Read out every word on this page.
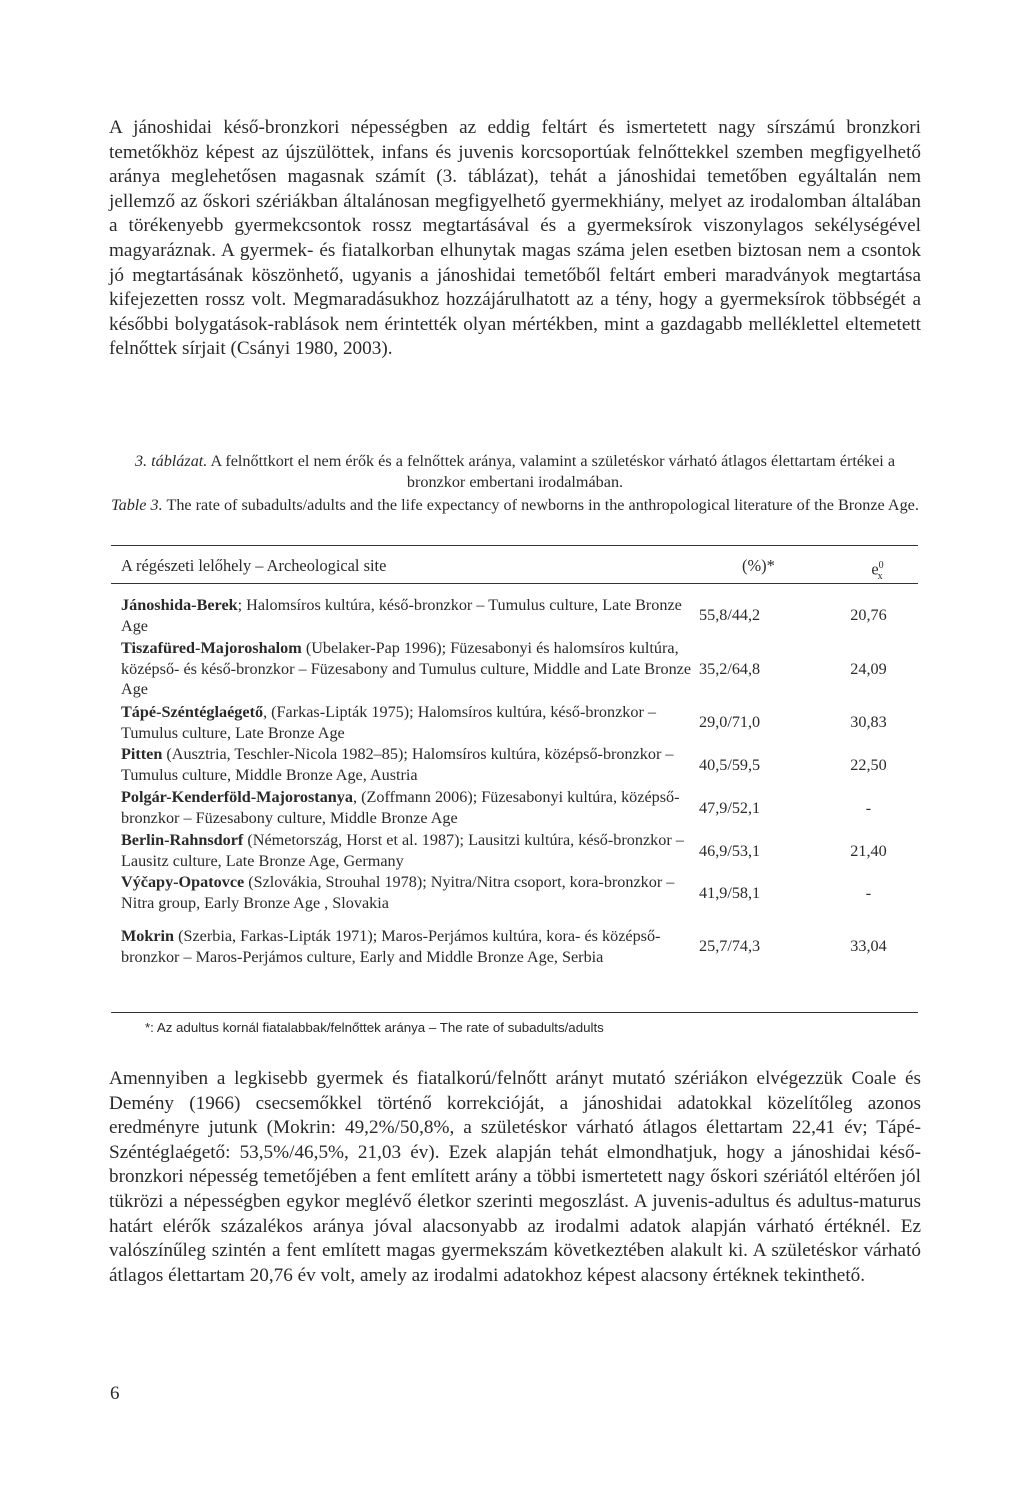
A jánoshidai késő-bronzkori népességben az eddig feltárt és ismertetett nagy sírszámú bronzkori temetőkhöz képest az újszülöttek, infans és juvenis korcsoportúak felnőttekkel szemben megfigyelhető aránya meglehetősen magasnak számít (3. táblázat), tehát a jánoshidai temetőben egyáltalán nem jellemző az őskori szériákban általánosan megfigyelhető gyermekhiány, melyet az irodalomban általában a törékenyebb gyermekcsontok rossz megtartásával és a gyermeksírok viszonylagos sekélységével magyaráznak. A gyermek- és fiatalkorban elhunytak magas száma jelen esetben biztosan nem a csontok jó megtartásának köszönhető, ugyanis a jánoshidai temetőből feltárt emberi maradványok megtartása kifejezetten rossz volt. Megmaradásukhoz hozzájárulhatott az a tény, hogy a gyermeksírok többségét a későbbi bolygatások-rablások nem érintették olyan mértékben, mint a gazdagabb melléklettel eltemetett felnőttek sírjait (Csányi 1980, 2003).

3. táblázat. A felnőttkort el nem érők és a felnőttek aránya, valamint a születéskor várható átlagos élettartam értékei a bronzkor embertani irodalmában.

Table 3. The rate of subadults/adults and the life expectancy of newborns in the anthropological literature of the Bronze Age.

A régészeti lelőhely – Archeological site	(%)*	$e^0_x$
Jánoshida-Berek; Halomsíros kultúra, késő-bronzkor – Tumulus culture, Late Bronze Age	55,8/44,2	20,76
Tiszafüred-Majoroshalom (Ubelaker-Pap 1996); Füzesabonyi és halomsíros kultúra, középső- és késő-bronzkor – Füzesabony and Tumulus culture, Middle and Late Bronze Age	35,2/64,8	24,09
Tápé-Széntéglaégető, (Farkas-Lipták 1975); Halomsíros kultúra, késő-bronzkor – Tumulus culture, Late Bronze Age	29,0/71,0	30,83
Pitten (Ausztria, Teschler-Nicola 1982–85); Halomsíros kultúra, középső-bronzkor – Tumulus culture, Middle Bronze Age, Austria	40,5/59,5	22,50
Polgár-Kenderföld-Majorostanya, (Zoffmann 2006); Füzesabonyi kultúra, középső-bronzkor – Füzesabony culture, Middle Bronze Age	47,9/52,1	-
Berlin-Rahnsdorf (Németország, Horst et al. 1987); Lausitzi kultúra, késő-bronzkor – Lausitz culture, Late Bronze Age, Germany	46,9/53,1	21,40
Výčapy-Opatovce (Szlovákia, Strouhal 1978); Nyitra/Nitra csoport, kora-bronzkor – Nitra group, Early Bronze Age , Slovakia	41,9/58,1	-
Mokrin (Szerbia, Farkas-Lipták 1971); Maros-Perjámos kultúra, kora- és középső-bronzkor – Maros-Perjámos culture, Early and Middle Bronze Age, Serbia	25,7/74,3	33,04
*: Az adultus kornál fiatalabbak/felnőttek aránya – The rate of subadults/adults

Amennyiben a legkisebb gyermek és fiatalkorú/felnőtt arányt mutató szériákon elvégezzük Coale és Demény (1966) csecsemőkkel történő korrekcióját, a jánoshidai adatokkal közelítőleg azonos eredményre jutunk (Mokrin: 49,2%/50,8%, a születéskor várható átlagos élettartam 22,41 év; Tápé-Széntéglaégető: 53,5%/46,5%, 21,03 év). Ezek alapján tehát elmondhatjuk, hogy a jánoshidai késő-bronzkori népesség temetőjében a fent említett arány a többi ismertetett nagy őskori szériától eltérően jól tükrözi a népességben egykor meglévő életkor szerinti megoszlást. A juvenis-adultus és adultus-maturus határt elérők százalékos aránya jóval alacsonyabb az irodalmi adatok alapján várható értéknél. Ez valószínűleg szintén a fent említett magas gyermekszám következtében alakult ki. A születéskor várható átlagos élettartam 20,76 év volt, amely az irodalmi adatokhoz képest alacsony értéknek tekinthető.

6
